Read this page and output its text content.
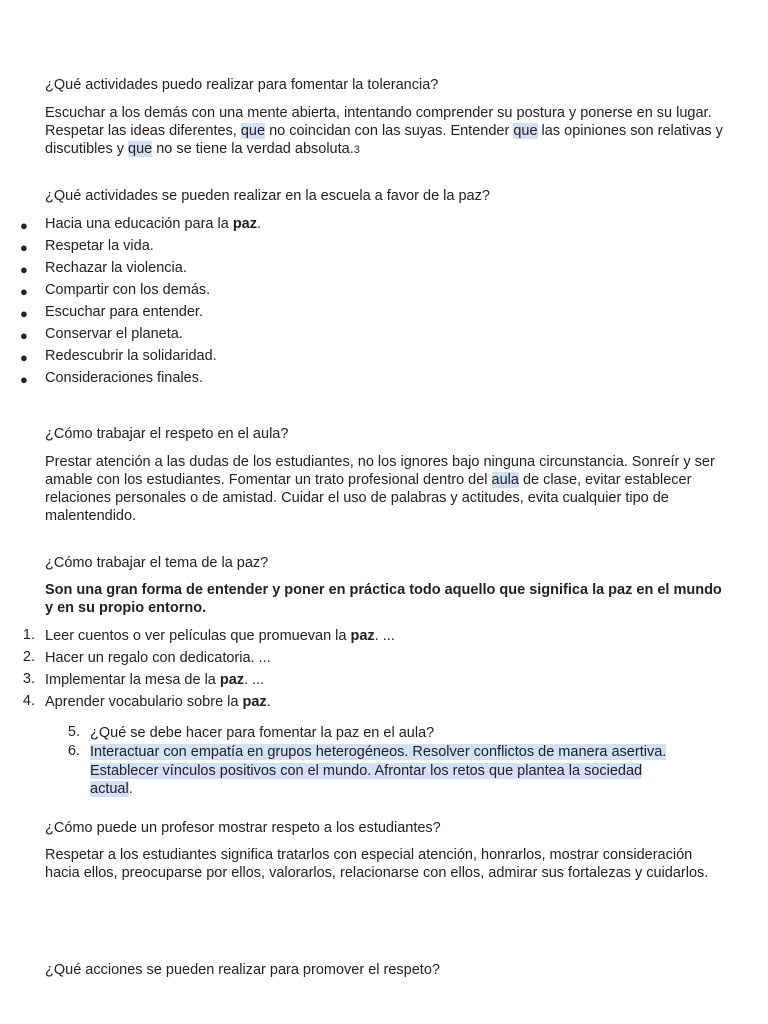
¿Qué actividades puedo realizar para fomentar la tolerancia?

Escuchar a los demás con una mente abierta, intentando comprender su postura y ponerse en su lugar. Respetar las ideas diferentes, que no coincidan con las suyas. Entender que las opiniones son relativas y discutibles y que no se tiene la verdad absoluta.3

¿Qué actividades se pueden realizar en la escuela a favor de la paz?

● Hacia una educación para la paz.

● Respetar la vida.

● Rechazar la violencia.

● Compartir con los demás.

● Escuchar para entender.

● Conservar el planeta.

● Redescubrir la solidaridad.

● Consideraciones finales.

¿Cómo trabajar el respeto en el aula?

Prestar atención a las dudas de los estudiantes, no los ignores bajo ninguna circunstancia. Sonreír y ser amable con los estudiantes. Fomentar un trato profesional dentro del aula de clase, evitar establecer relaciones personales o de amistad. Cuidar el uso de palabras y actitudes, evita cualquier tipo de malentendido.

¿Cómo trabajar el tema de la paz?

Son una gran forma de entender y poner en práctica todo aquello que significa la paz en el mundo y en su propio entorno.

1. Leer cuentos o ver películas que promuevan la paz. ...

2. Hacer un regalo con dedicatoria. ...

3. Implementar la mesa de la paz. ...

4. Aprender vocabulario sobre la paz.

5. ¿Qué se debe hacer para fomentar la paz en el aula?

6. Interactuar con empatía en grupos heterogéneos. Resolver conflictos de manera asertiva. Establecer vínculos positivos con el mundo. Afrontar los retos que plantea la sociedad actual.

¿Cómo puede un profesor mostrar respeto a los estudiantes?

Respetar a los estudiantes significa tratarlos con especial atención, honrarlos, mostrar consideración hacia ellos, preocuparse por ellos, valorarlos, relacionarse con ellos, admirar sus fortalezas y cuidarlos.

¿Qué acciones se pueden realizar para promover el respeto?
